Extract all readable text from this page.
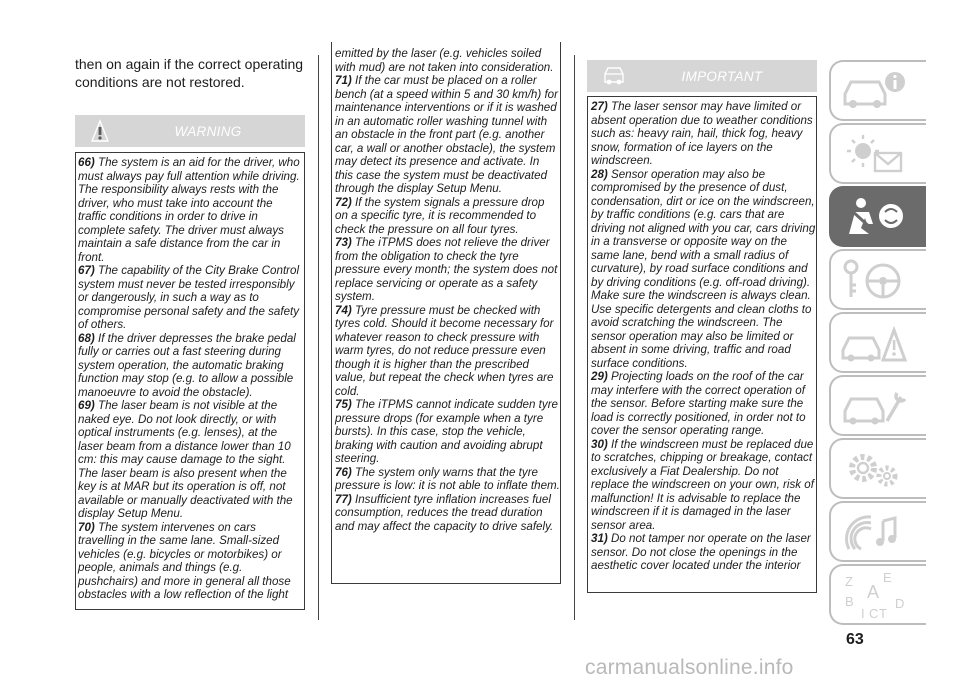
then on again if the correct operating conditions are not restored.
WARNING

66) The system is an aid for the driver, who must always pay full attention while driving. The responsibility always rests with the driver, who must take into account the traffic conditions in order to drive in complete safety. The driver must always maintain a safe distance from the car in front.

67) The capability of the City Brake Control system must never be tested irresponsibly or dangerously, in such a way as to compromise personal safety and the safety of others.

68) If the driver depresses the brake pedal fully or carries out a fast steering during system operation, the automatic braking function may stop (e.g. to allow a possible manoeuvre to avoid the obstacle).

69) The laser beam is not visible at the naked eye. Do not look directly, or with optical instruments (e.g. lenses), at the laser beam from a distance lower than 10 cm: this may cause damage to the sight. The laser beam is also present when the key is at MAR but its operation is off, not available or manually deactivated with the display Setup Menu.

70) The system intervenes on cars travelling in the same lane. Small-sized vehicles (e.g. bicycles or motorbikes) or people, animals and things (e.g. pushchairs) and more in general all those obstacles with a low reflection of the light

emitted by the laser (e.g. vehicles soiled with mud) are not taken into consideration.

71) If the car must be placed on a roller bench (at a speed within 5 and 30 km/h) for maintenance interventions or if it is washed in an automatic roller washing tunnel with an obstacle in the front part (e.g. another car, a wall or another obstacle), the system may detect its presence and activate. In this case the system must be deactivated through the display Setup Menu.

72) If the system signals a pressure drop on a specific tyre, it is recommended to check the pressure on all four tyres.

73) The iTPMS does not relieve the driver from the obligation to check the tyre pressure every month; the system does not replace servicing or operate as a safety system.

74) Tyre pressure must be checked with tyres cold. Should it become necessary for whatever reason to check pressure with warm tyres, do not reduce pressure even though it is higher than the prescribed value, but repeat the check when tyres are cold.

75) The iTPMS cannot indicate sudden tyre pressure drops (for example when a tyre bursts). In this case, stop the vehicle, braking with caution and avoiding abrupt steering.

76) The system only warns that the tyre pressure is low: it is not able to inflate them.

77) Insufficient tyre inflation increases fuel consumption, reduces the tread duration and may affect the capacity to drive safely.

IMPORTANT

27) The laser sensor may have limited or absent operation due to weather conditions such as: heavy rain, hail, thick fog, heavy snow, formation of ice layers on the windscreen.

28) Sensor operation may also be compromised by the presence of dust, condensation, dirt or ice on the windscreen, by traffic conditions (e.g. cars that are driving not aligned with you car, cars driving in a transverse or opposite way on the same lane, bend with a small radius of curvature), by road surface conditions and by driving conditions (e.g. off-road driving). Make sure the windscreen is always clean. Use specific detergents and clean cloths to avoid scratching the windscreen. The sensor operation may also be limited or absent in some driving, traffic and road surface conditions.

29) Projecting loads on the roof of the car may interfere with the correct operation of the sensor. Before starting make sure the load is correctly positioned, in order not to cover the sensor operating range.

30) If the windscreen must be replaced due to scratches, chipping or breakage, contact exclusively a Fiat Dealership. Do not replace the windscreen on your own, risk of malfunction! It is advisable to replace the windscreen if it is damaged in the laser sensor area.

31) Do not tamper nor operate on the laser sensor. Do not close the openings in the aesthetic cover located under the interior

Z E
A
B	D
I C T
63
carmanualsonline.info
